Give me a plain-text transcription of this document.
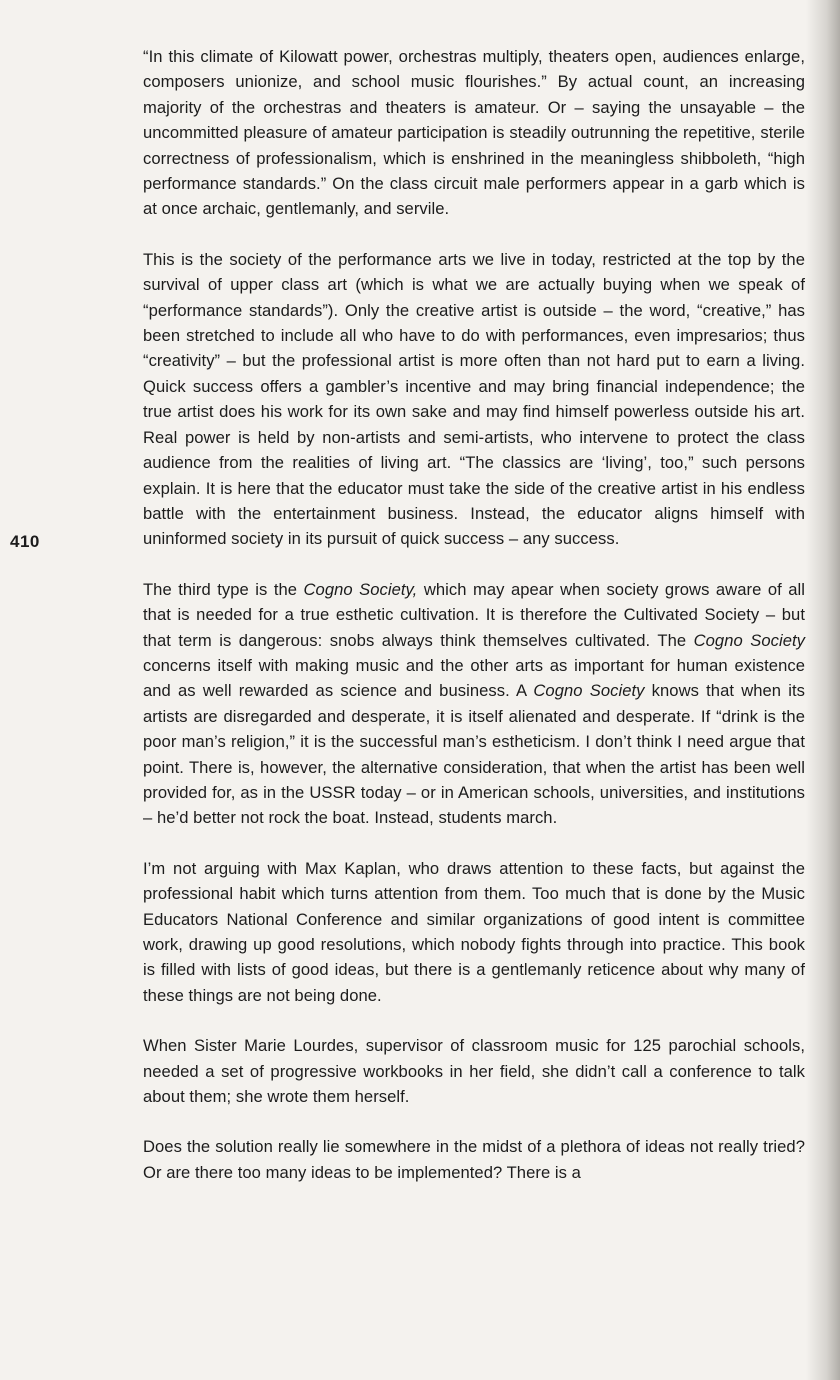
410

“In this climate of Kilowatt power, orchestras multiply, theaters open, audiences enlarge, composers unionize, and school music flourishes.” By actual count, an increasing majority of the orchestras and theaters is amateur. Or – saying the unsayable – the uncommitted pleasure of amateur participation is steadily outrunning the repetitive, sterile correctness of professionalism, which is enshrined in the meaningless shibboleth, “high performance standards.” On the class circuit male performers appear in a garb which is at once archaic, gentlemanly, and servile.

This is the society of the performance arts we live in today, restricted at the top by the survival of upper class art (which is what we are actually buying when we speak of “performance standards”). Only the creative artist is outside – the word, “creative,” has been stretched to include all who have to do with performances, even impresarios; thus “creativity” – but the professional artist is more often than not hard put to earn a living. Quick success offers a gambler’s incentive and may bring financial independence; the true artist does his work for its own sake and may find himself powerless outside his art. Real power is held by non-artists and semi-artists, who intervene to protect the class audience from the realities of living art. “The classics are ‘living’, too,” such persons explain. It is here that the educator must take the side of the creative artist in his endless battle with the entertainment business. Instead, the educator aligns himself with uninformed society in its pursuit of quick success – any success.

The third type is the Cogno Society, which may apear when society grows aware of all that is needed for a true esthetic cultivation. It is therefore the Cultivated Society – but that term is dangerous: snobs always think themselves cultivated. The Cogno Society concerns itself with making music and the other arts as important for human existence and as well rewarded as science and business. A Cogno Society knows that when its artists are disregarded and desperate, it is itself alienated and desperate. If “drink is the poor man’s religion,” it is the successful man’s estheticism. I don’t think I need argue that point. There is, however, the alternative consideration, that when the artist has been well provided for, as in the USSR today – or in American schools, universities, and institutions – he’d better not rock the boat. Instead, students march.

I’m not arguing with Max Kaplan, who draws attention to these facts, but against the professional habit which turns attention from them. Too much that is done by the Music Educators National Conference and similar organizations of good intent is committee work, drawing up good resolutions, which nobody fights through into practice. This book is filled with lists of good ideas, but there is a gentlemanly reticence about why many of these things are not being done.

When Sister Marie Lourdes, supervisor of classroom music for 125 parochial schools, needed a set of progressive workbooks in her field, she didn’t call a conference to talk about them; she wrote them herself.

Does the solution really lie somewhere in the midst of a plethora of ideas not really tried? Or are there too many ideas to be implemented? There is a
